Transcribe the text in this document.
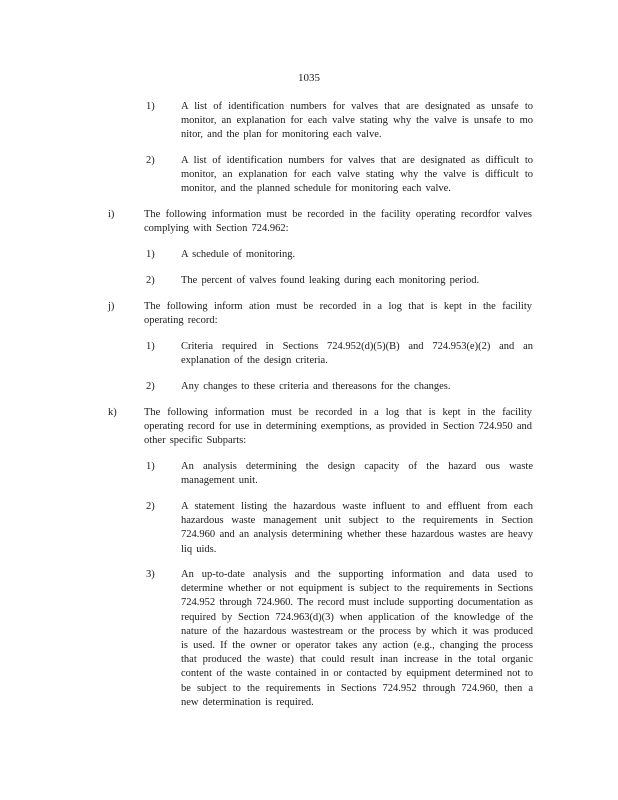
1035
1)	A list of identification numbers for valves that are designated as unsafe to monitor, an explanation for each valve stating why the valve is unsafe to mo nitor, and the plan for monitoring each valve.
2)	A list of identification numbers for valves that are designated as difficult to monitor, an explanation for each valve stating why the valve is difficult to monitor, and the planned schedule for monitoring each valve.
i)	The following information must be recorded in the facility operating recordfor valves complying with Section 724.962:
1)	A schedule of monitoring.
2)	The percent of valves found leaking during each monitoring period.
j)	The following inform ation must be recorded in a log that is kept in the facility operating record:
1)	Criteria required in Sections 724.952(d)(5)(B) and 724.953(e)(2) and an explanation of the design criteria.
2)	Any changes to these criteria and thereasons for the changes.
k)	The following information must be recorded in a log that is kept in the facility operating record for use in determining exemptions, as provided in Section 724.950 and other specific Subparts:
1)	An analysis determining the design capacity of the hazard ous waste management unit.
2)	A statement listing the hazardous waste influent to and effluent from each hazardous waste management unit subject to the requirements in Section 724.960 and an analysis determining whether these hazardous wastes are heavy liq uids.
3)	An up-to-date analysis and the supporting information and data used to determine whether or not equipment is subject to the requirements in Sections 724.952 through 724.960. The record must include supporting documentation as required by Section 724.963(d)(3) when application of the knowledge of the nature of the hazardous wastestream or the process by which it was produced is used. If the owner or operator takes any action (e.g., changing the process that produced the waste) that could result inan increase in the total organic content of the waste contained in or contacted by equipment determined not to be subject to the requirements in Sections 724.952 through 724.960, then a new determination is required.
